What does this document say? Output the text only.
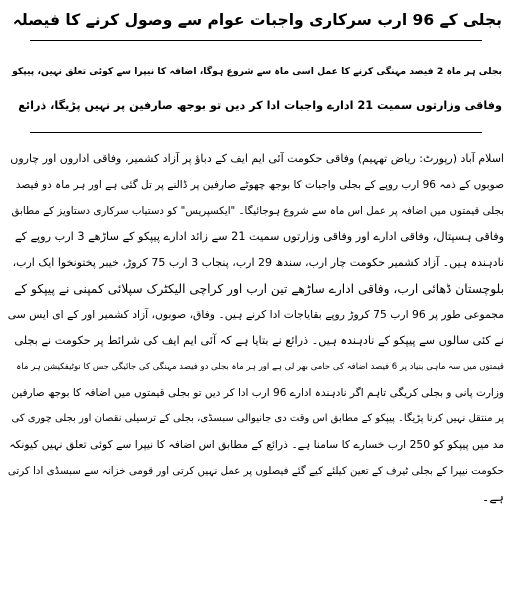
بجلی کے 96 ارب سرکاری واجبات عوام سے وصول کرنے کا فیصلہ
بجلی ہر ماہ 2 فیصد مہنگی کرنے کا عمل اسی ماہ سے شروع ہوگا، اضافہ کا نیپرا سے کوئی تعلق نہیں، پیپکو
وفاقی وزارتوں سمیت 21 ادارے واجبات ادا کر دیں تو بوجھ صارفین پر نہیں پڑیگا، ذرائع
اسلام آباد (رپورٹ: ریاض تھہیم) وفاقی حکومت آئی ایم ایف کے دباؤ پر آزاد کشمیر، وفاقی اداروں اور چاروں
صوبوں کے ذمہ 96 ارب روپے کے بجلی واجبات کا بوجھ چھوٹے صارفین پر ڈالنے پر تل گئی ہے اور ہر ماہ دو فیصد
بجلی قیمتوں میں اضافہ پر عمل اس ماہ سے شروع ہوجائیگا۔ "ایکسپریس" کو دستیاب سرکاری دستاویز کے مطابق
وفاقی ہسپتال، وفاقی ادارے اور وفاقی وزارتوں سمیت 21 سے زائد ادارے پیپکو کے ساڑھے 3 ارب روپے کے
نادہندہ ہیں۔ آزاد کشمیر حکومت چار ارب، سندھ 29 ارب، پنجاب 3 ارب 75 کروڑ، خیبر پختونخوا ایک ارب،
بلوچستان ڈھائی ارب، وفاقی ادارے ساڑھے تین ارب اور کراچی الیکٹرک سپلائی کمپنی نے پیپکو کے
مجموعی طور پر 96 ارب 75 کروڑ روپے بقایاجات ادا کرنے ہیں۔ وفاق، صوبوں، آزاد کشمیر اور کے ای ایس سی
نے کئی سالوں سے پیپکو کے نادہندہ ہیں۔ ذرائع نے بتایا ہے کہ آئی ایم ایف کی شرائط پر حکومت نے بجلی
قیمتوں میں سہ ماہی بنیاد پر 6 فیصد اضافہ کی حامی بھر لی ہے اور ہر ماہ بجلی دو فیصد مہنگی کی جائیگی جس کا نوٹیفکیشن ہر ماہ
وزارت پانی و بجلی کریگی تاہم اگر نادہندہ ادارے 96 ارب ادا کر دیں تو بجلی قیمتوں میں اضافہ کا بوجھ صارفین
پر منتقل نہیں کرنا پڑیگا۔ پیپکو کے مطابق اس وقت دی جانیوالی سبسڈی، بجلی کے ترسیلی نقصان اور بجلی چوری کی
مد میں پیپکو کو 250 ارب خسارے کا سامنا ہے۔ ذرائع کے مطابق اس اضافہ کا نیپرا سے کوئی تعلق نہیں کیونکہ
حکومت نیپرا کے بجلی ٹیرف کے تعین کیلئے کیے گئے فیصلوں پر عمل نہیں کرتی اور قومی خزانہ سے سبسڈی ادا کرتی
ہے۔
